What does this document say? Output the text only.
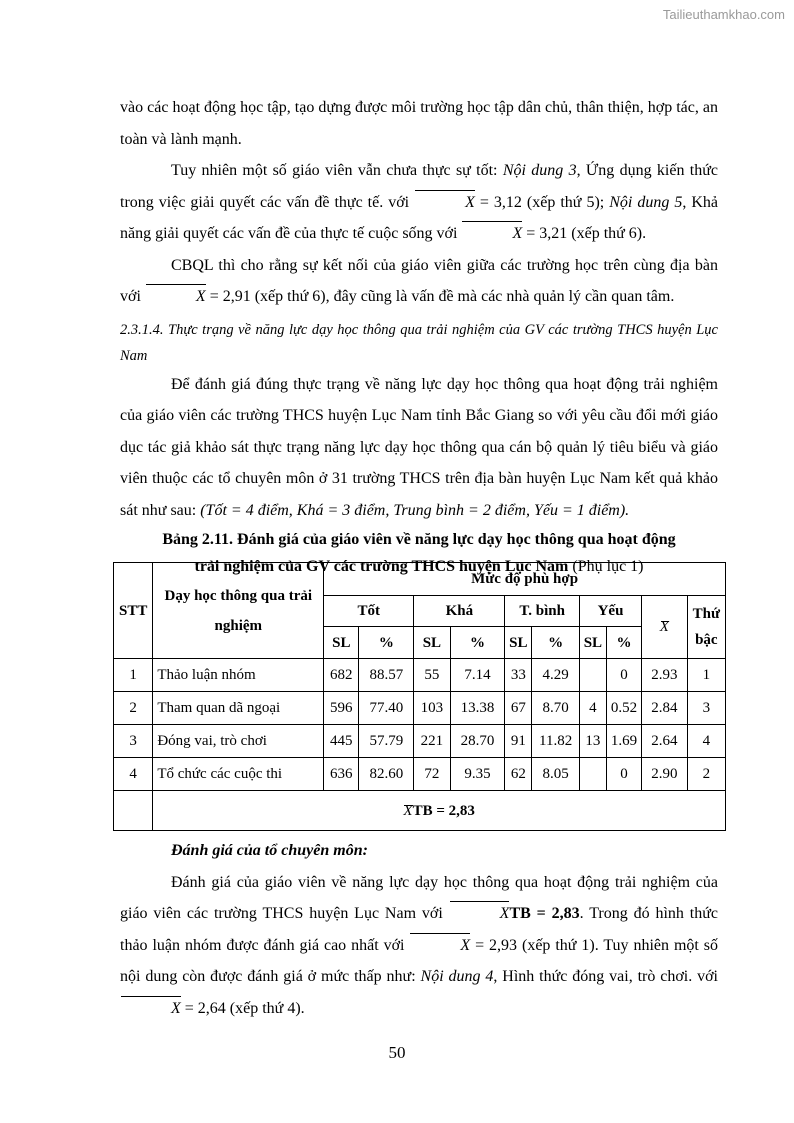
Tailieuthamkhao.com

vào các hoạt động học tập, tạo dựng được môi trường học tập dân chủ, thân thiện, hợp tác, an toàn và lành mạnh.

Tuy nhiên một số giáo viên vẫn chưa thực sự tốt: Nội dung 3, Ứng dụng kiến thức trong việc giải quyết các vấn đề thực tế. với	X = 3,12 (xếp thứ 5); Nội dung 5, Khả năng giải quyết các vấn đề của thực tế cuộc sống với	X = 3,21 (xếp thứ 6).

CBQL thì cho rằng sự kết nối của giáo viên giữa các trường học trên cùng địa bàn với	X = 2,91 (xếp thứ 6), đây cũng là vấn đề mà các nhà quản lý cần quan tâm.

2.3.1.4. Thực trạng về năng lực dạy học thông qua trải nghiệm của GV các trường THCS huyện Lục Nam

Để đánh giá đúng thực trạng về năng lực dạy học thông qua hoạt động trải nghiệm của giáo viên các trường THCS huyện Lục Nam tỉnh Bắc Giang so với yêu cầu đổi mới giáo dục tác giả khảo sát thực trạng năng lực dạy học thông qua cán bộ quản lý tiêu biểu và giáo viên thuộc các tổ chuyên môn ở 31 trường THCS trên địa bàn huyện Lục Nam kết quả khảo sát như sau: (Tốt = 4 điểm, Khá = 3 điểm, Trung bình = 2 điểm, Yếu = 1 điểm).

Bảng 2.11. Đánh giá của giáo viên về năng lực dạy học thông qua hoạt động
trải nghiệm của GV các trường THCS huyện Lục Nam (Phụ lục 1)

STT	Dạy học thông qua trải nghiệm	Mức độ phù hợp									
		Tốt		Khá		T. bình		Yếu		X	Thứ bậc
		SL	%	SL	%	SL	%	SL	%		
1	Thảo luận nhóm	682	88.57	55	7.14	33	4.29		0	2.93	1
2	Tham quan dã ngoại	596	77.40	103	13.38	67	8.70	4	0.52	2.84	3
3	Đóng vai, trò chơi	445	57.79	221	28.70	91	11.82	13	1.69	2.64	4
4	Tổ chức các cuộc thi	636	82.60	72	9.35	62	8.05		0	2.90	2
	XTB = 2,83										

Đánh giá của tổ chuyên môn:

Đánh giá của giáo viên về năng lực dạy học thông qua hoạt động trải nghiệm của giáo viên các trường THCS huyện Lục Nam với	XTB = 2,83. Trong đó hình thức thảo luận nhóm được đánh giá cao nhất với	X = 2,93 (xếp thứ 1). Tuy nhiên một số nội dung còn được đánh giá ở mức thấp như: Nội dung 4, Hình thức đóng vai, trò chơi. với X = 2,64 (xếp thứ 4).

50
